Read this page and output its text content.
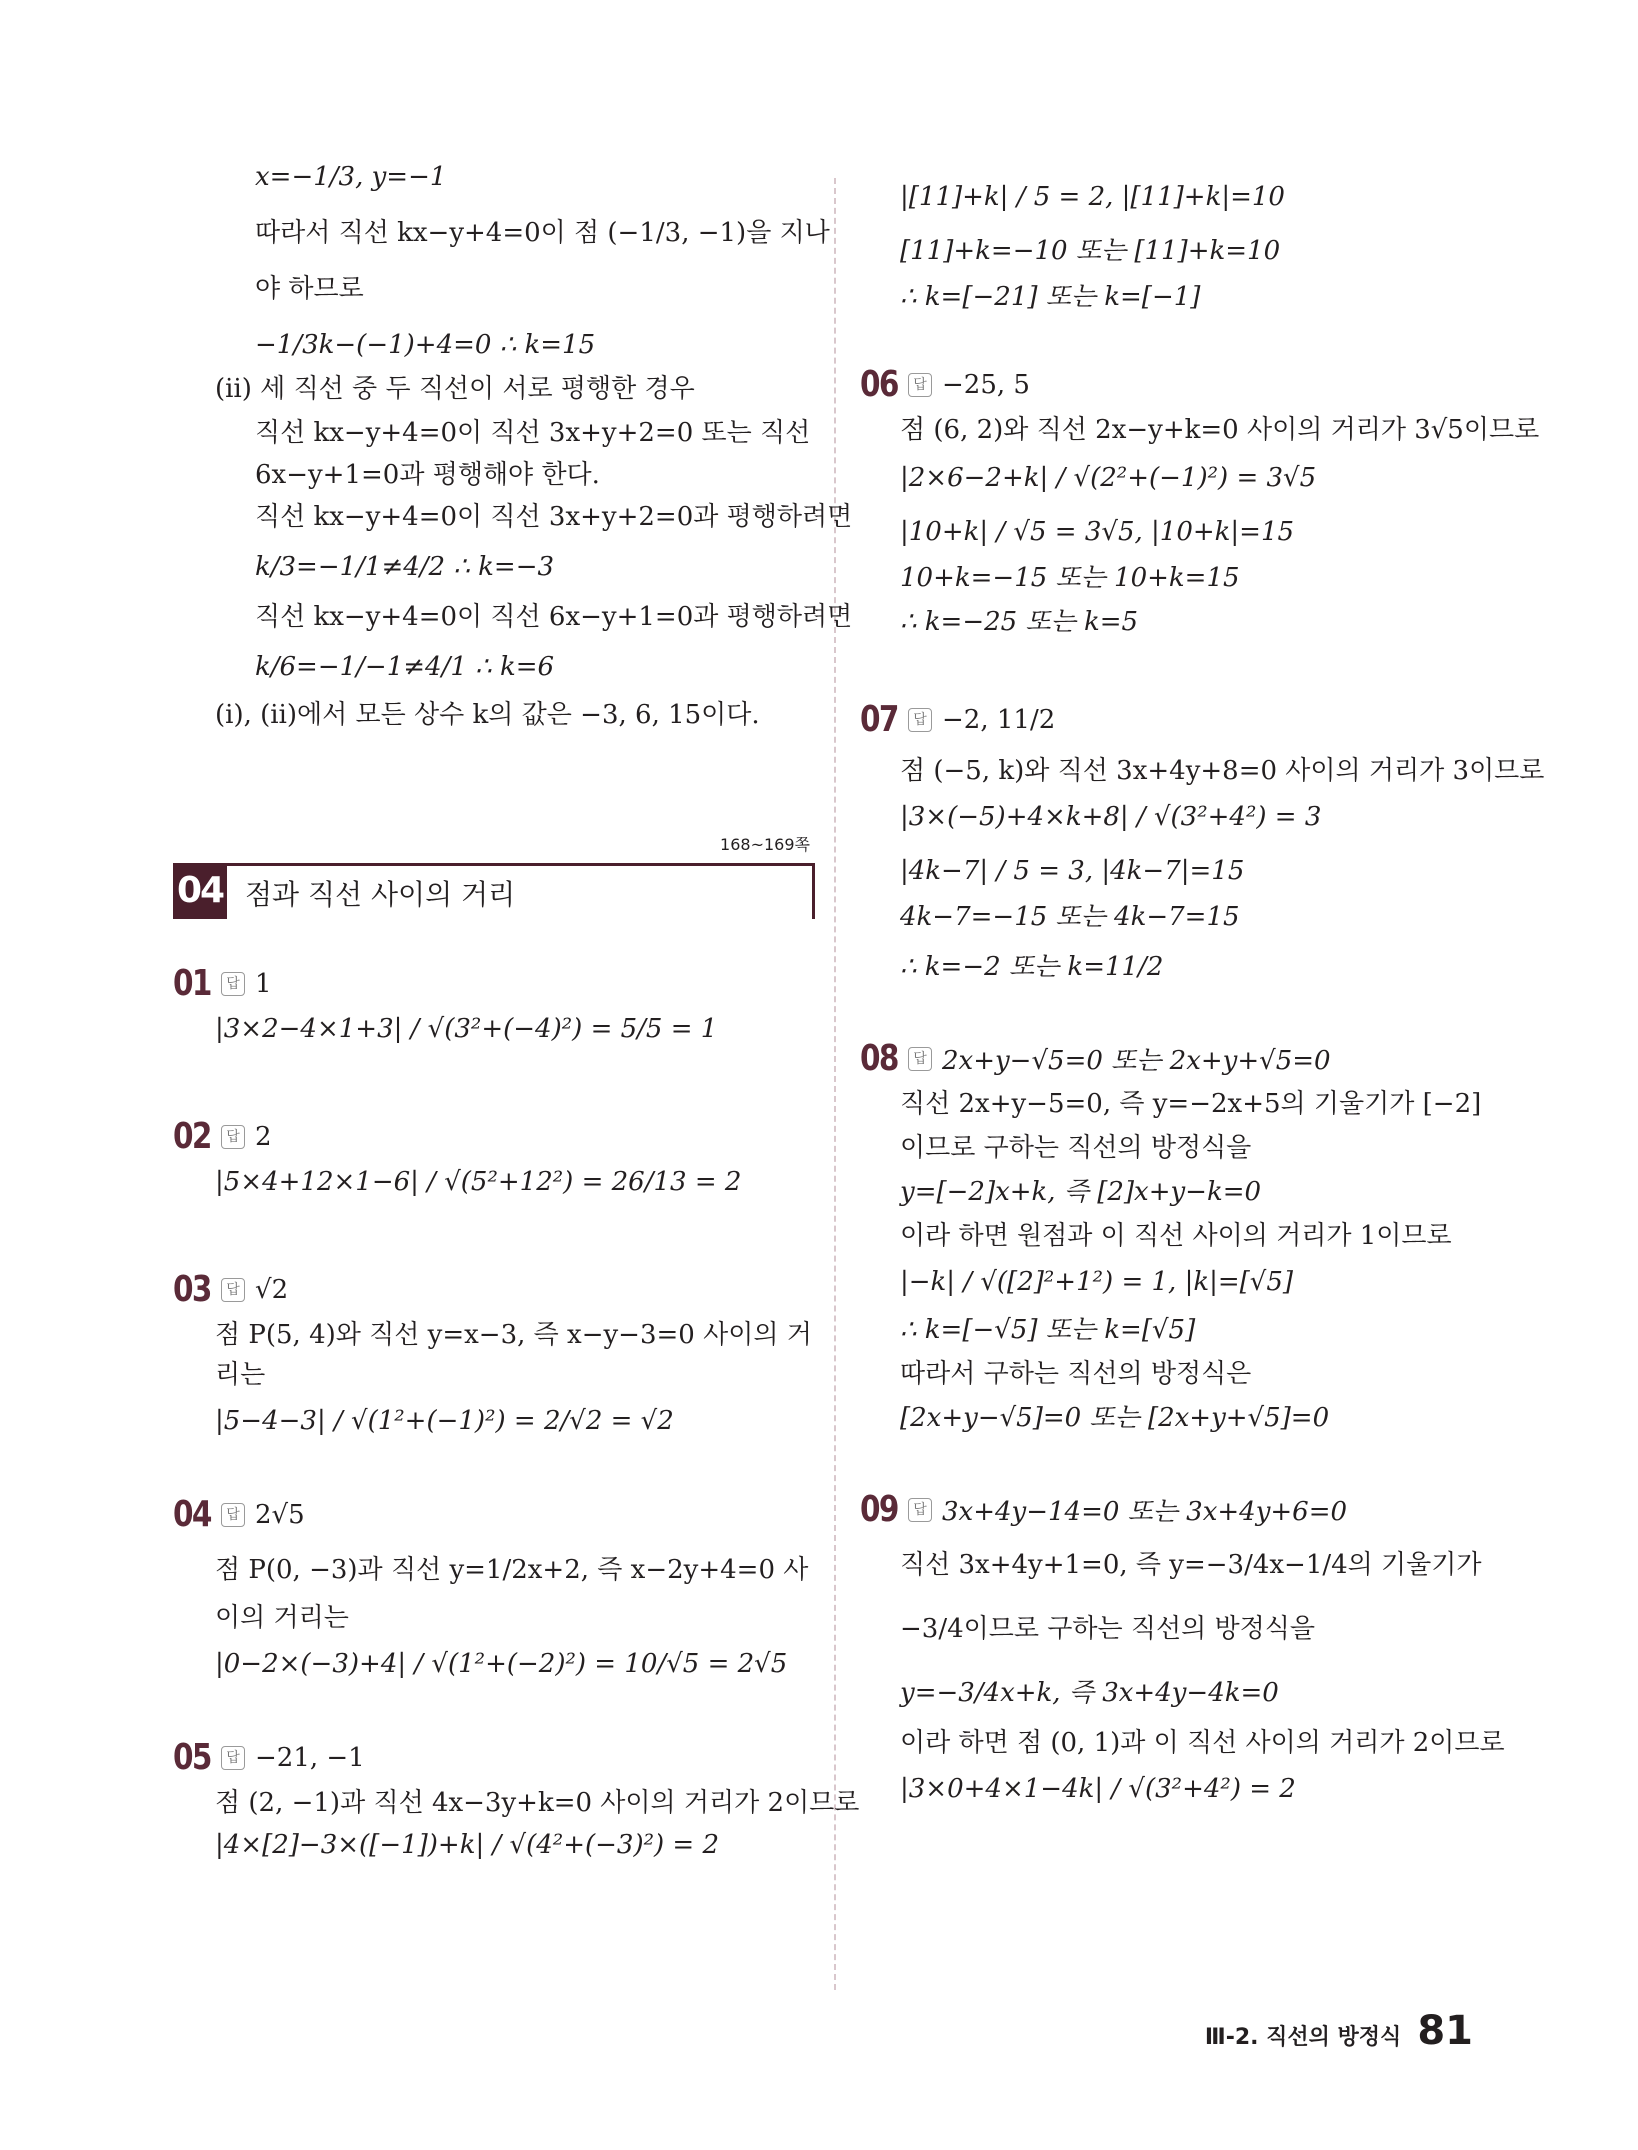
x=−1/3, y=−1
따라서 직선 kx−y+4=0이 점 (−1/3, −1)을 지나
야 하므로
−1/3k−(−1)+4=0 ∴ k=15
(ⅱ) 세 직선 중 두 직선이 서로 평행한 경우
직선 kx−y+4=0이 직선 3x+y+2=0 또는 직선
6x−y+1=0과 평행해야 한다.
직선 kx−y+4=0이 직선 3x+y+2=0과 평행하려면
k/3=−1/1≠4/2 ∴ k=−3
직선 kx−y+4=0이 직선 6x−y+1=0과 평행하려면
k/6=−1/−1≠4/1 ∴ k=6
(ⅰ), (ⅱ)에서 모든 상수 k의 값은 −3, 6, 15이다.
168~169쪽
04 점과 직선 사이의 거리
01	답 1
|3×2−4×1+3| / √(3²+(−4)²) = 5/5 = 1
02	답 2
|5×4+12×1−6| / √(5²+12²) = 26/13 = 2
03	답 √2
점 P(5, 4)와 직선 y=x−3, 즉 x−y−3=0 사이의 거
리는
|5−4−3| / √(1²+(−1)²) = 2/√2 = √2
04	답 2√5
점 P(0, −3)과 직선 y=1/2x+2, 즉 x−2y+4=0 사
이의 거리는
|0−2×(−3)+4| / √(1²+(−2)²) = 10/√5 = 2√5
05	답 −21, −1
점 (2, −1)과 직선 4x−3y+k=0 사이의 거리가 2이므로
|4×[2]−3×([−1])+k| / √(4²+(−3)²) = 2
|[11]+k| / 5 = 2, |[11]+k|=10
[11]+k=−10 또는 [11]+k=10
∴ k=[−21] 또는 k=[−1]
06	답 −25, 5
점 (6, 2)와 직선 2x−y+k=0 사이의 거리가 3√5이므로
|2×6−2+k| / √(2²+(−1)²) = 3√5
|10+k| / √5 = 3√5, |10+k|=15
10+k=−15 또는 10+k=15
∴ k=−25 또는 k=5
07	답 −2, 11/2
점 (−5, k)와 직선 3x+4y+8=0 사이의 거리가 3이므로
|3×(−5)+4×k+8| / √(3²+4²) = 3
|4k−7| / 5 = 3, |4k−7|=15
4k−7=−15 또는 4k−7=15
∴ k=−2 또는 k=11/2
08	답 2x+y−√5=0 또는 2x+y+√5=0
직선 2x+y−5=0, 즉 y=−2x+5의 기울기가 [−2]
이므로 구하는 직선의 방정식을
y=[−2]x+k, 즉 [2]x+y−k=0
이라 하면 원점과 이 직선 사이의 거리가 1이므로
|−k| / √([2]²+1²) = 1, |k|=[√5]
∴ k=[−√5] 또는 k=[√5]
따라서 구하는 직선의 방정식은
[2x+y−√5]=0 또는 [2x+y+√5]=0
09	답 3x+4y−14=0 또는 3x+4y+6=0
직선 3x+4y+1=0, 즉 y=−3/4x−1/4의 기울기가
−3/4이므로 구하는 직선의 방정식을
y=−3/4x+k, 즉 3x+4y−4k=0
이라 하면 점 (0, 1)과 이 직선 사이의 거리가 2이므로
|3×0+4×1−4k| / √(3²+4²) = 2
Ⅲ-2. 직선의 방정식 81
